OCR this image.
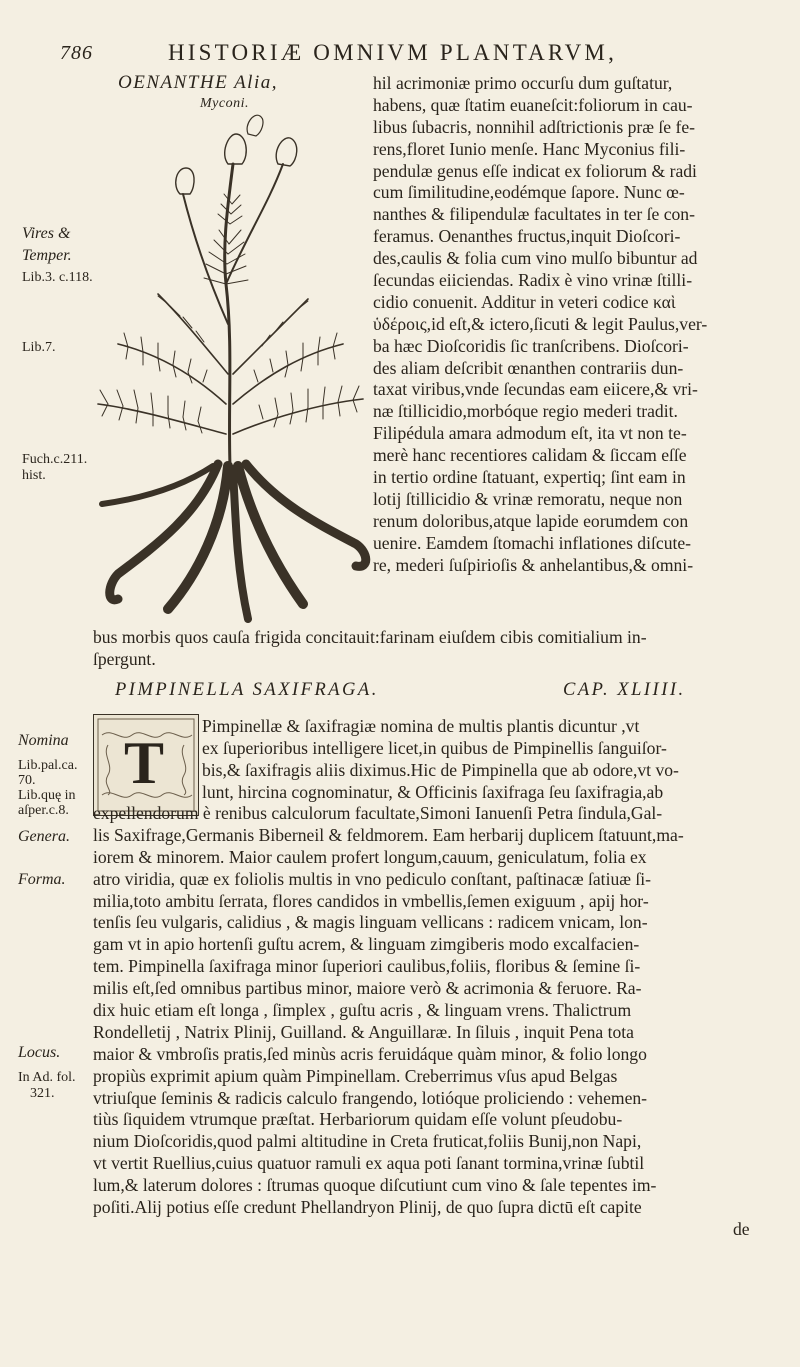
786	HISTORIÆ OMNIVM PLANTARVM,
OENANTHE Alia,
Myconi.
Vires &
Temper.
Lib.3. c.118.
Lib.7.
Fuch.c.211.
hist.
hil acrimoniæ primo occurſu dum guſtatur,
habens, quæ ſtatim euaneſcit:foliorum in cau-
libus ſubacris, nonnihil adſtrictionis præ ſe fe-
rens,floret Iunio menſe. Hanc Myconius fili-
pendulæ genus eſſe indicat ex foliorum & radi
cum ſimilitudine,eodémque ſapore. Nunc œ-
nanthes & filipendulæ facultates in ter ſe con-
feramus. Oenanthes fructus,inquit Dioſcori-
des,caulis & folia cum vino mulſo bibuntur ad
ſecundas eiiciendas. Radix è vino vrinæ ſtilli-
cidio conuenit. Additur in veteri codice καὶ
ὑδέροις,id eſt,& ictero,ſicuti & legit Paulus,ver-
ba hæc Dioſcoridis ſic tranſcribens. Dioſcori-
des aliam deſcribit œnanthen contrariis dun-
taxat viribus,vnde ſecundas eam eiicere,& vri-
næ ſtillicidio,morbóque regio mederi tradit.
Filipédula amara admodum eſt, ita vt non te-
merè hanc recentiores calidam & ſiccam eſſe
in tertio ordine ſtatuant, expertiq; ſint eam in
lotij ſtillicidio & vrinæ remoratu, neque non
renum doloribus,atque lapide eorumdem con
uenire. Eamdem ſtomachi inflationes diſcute-
re, mederi ſuſpirioſis & anhelantibus,& omni-
bus morbis quos cauſa frigida concitauit:farinam eiuſdem cibis comitialium in-
ſpergunt.
PIMPINELLA SAXIFRAGA.	CAP. XLIIII.
T
Pimpinellæ & ſaxifragiæ nomina de multis plantis dicuntur ,vt
ex ſuperioribus intelligere licet,in quibus de Pimpinellis ſanguiſor-
bis,& ſaxifragis aliis diximus.Hic de Pimpinella que ab odore,vt vo-
lunt, hircina cognominatur, & Officinis ſaxifraga ſeu ſaxifragia,ab
expellendorum è renibus calculorum facultate,Simoni Ianuenſi Petra ſindula,Gal-
lis Saxifrage,Germanis Biberneil & feldmorem. Eam herbarij duplicem ſtatuunt,ma-
iorem & minorem. Maior caulem profert longum,cauum, geniculatum, folia ex
atro viridia, quæ ex foliolis multis in vno pediculo conſtant, paſtinacæ ſatiuæ ſi-
milia,toto ambitu ſerrata, flores candidos in vmbellis,ſemen exiguum , apij hor-
tenſis ſeu vulgaris, calidius , & magis linguam vellicans : radicem vnicam, lon-
gam vt in apio hortenſi guſtu acrem, & linguam zimgiberis modo excalfacien-
tem. Pimpinella ſaxifraga minor ſuperiori caulibus,foliis, floribus & ſemine ſi-
milis eſt,ſed omnibus partibus minor, maiore verò & acrimonia & feruore. Ra-
dix huic etiam eſt longa , ſimplex , guſtu acris , & linguam vrens. Thalictrum
Rondelletij , Natrix Plinij, Guilland. & Anguillaræ. In ſiluis , inquit Pena tota
maior & vmbroſis pratis,ſed minùs acris feruidáque quàm minor, & folio longo
propiùs exprimit apium quàm Pimpinellam. Creberrimus vſus apud Belgas
vtriuſque ſeminis & radicis calculo frangendo, lotióque proliciendo : vehemen-
tiùs ſiquidem vtrumque præſtat. Herbariorum quidam eſſe volunt pſeudobu-
nium Dioſcoridis,quod palmi altitudine in Creta fruticat,foliis Bunij,non Napi,
vt vertit Ruellius,cuius quatuor ramuli ex aqua poti ſanant tormina,vrinæ ſubtil
lum,& laterum dolores : ſtrumas quoque diſcutiunt cum vino & ſale tepentes im-
poſiti.Alij potius eſſe credunt Phellandryon Plinij, de quo ſupra dictū eſt capite
de
Nomina
Lib.pal.ca.
70.
Lib.quę in
aſper.c.8.
Genera.
Forma.
Locus.
In Ad. fol.
321.
